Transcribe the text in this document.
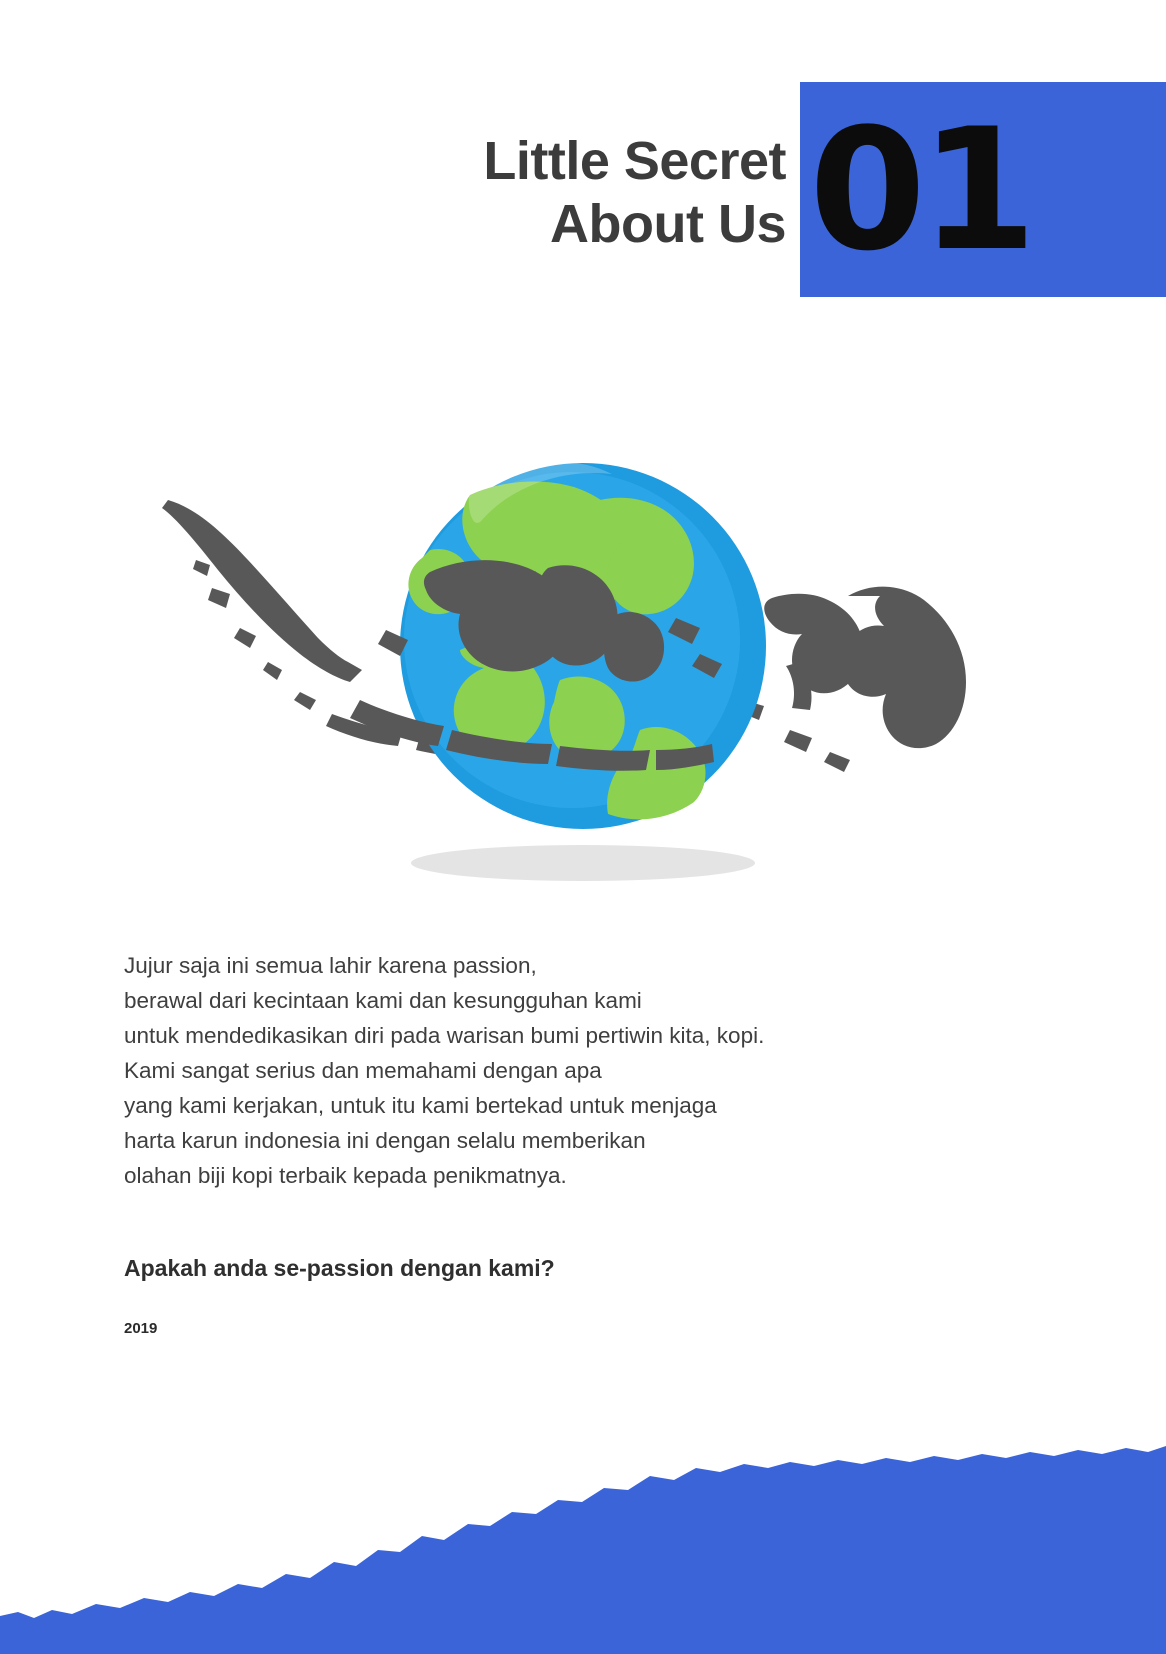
Little Secret
About Us 01

Jujur saja ini semua lahir karena passion,

berawal dari kecintaan kami dan kesungguhan kami

untuk mendedikasikan diri pada warisan bumi pertiwin kita, kopi.

Kami sangat serius dan memahami dengan apa

yang kami kerjakan, untuk itu kami bertekad untuk menjaga

harta karun indonesia ini dengan selalu memberikan

olahan biji kopi terbaik kepada penikmatnya.

Apakah anda se-passion dengan kami?
2019
